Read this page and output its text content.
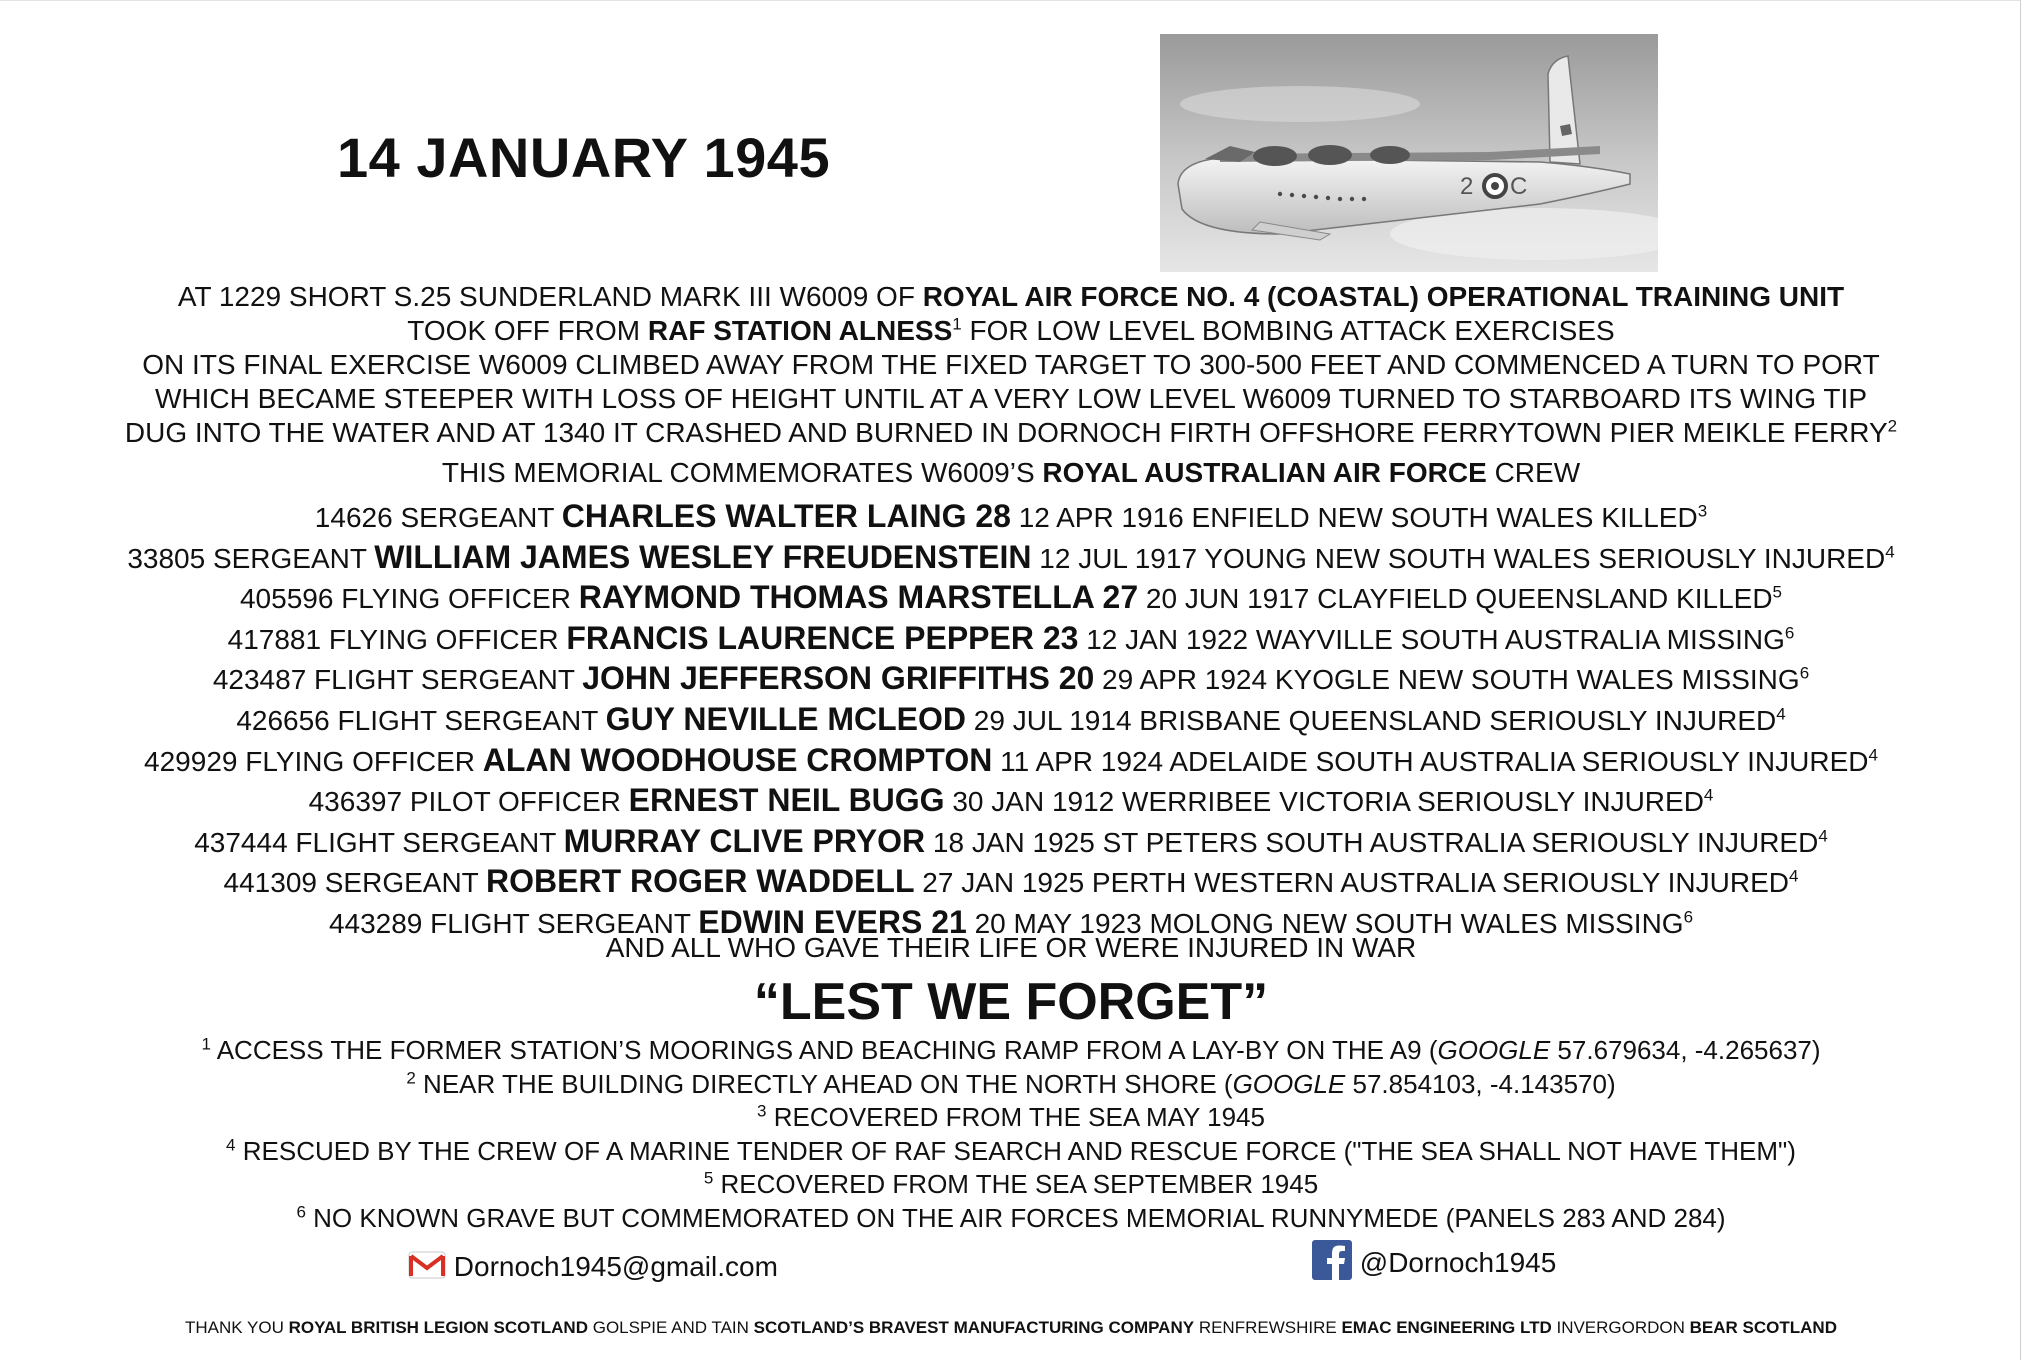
14 JANUARY 1945	2 C
AT 1229 SHORT S.25 SUNDERLAND MARK III W6009 OF ROYAL AIR FORCE NO. 4 (COASTAL) OPERATIONAL TRAINING UNIT
TOOK OFF FROM RAF STATION ALNESS$^1$ FOR LOW LEVEL BOMBING ATTACK EXERCISES
ON ITS FINAL EXERCISE W6009 CLIMBED AWAY FROM THE FIXED TARGET TO 300-500 FEET AND COMMENCED A TURN TO PORT
WHICH BECAME STEEPER WITH LOSS OF HEIGHT UNTIL AT A VERY LOW LEVEL W6009 TURNED TO STARBOARD ITS WING TIP
DUG INTO THE WATER AND AT 1340 IT CRASHED AND BURNED IN DORNOCH FIRTH OFFSHORE FERRYTOWN PIER MEIKLE FERRY$^2$
THIS MEMORIAL COMMEMORATES W6009’S ROYAL AUSTRALIAN AIR FORCE CREW
14626 SERGEANT CHARLES WALTER LAING 28 12 APR 1916 ENFIELD NEW SOUTH WALES KILLED$^3$
33805 SERGEANT WILLIAM JAMES WESLEY FREUDENSTEIN 12 JUL 1917 YOUNG NEW SOUTH WALES SERIOUSLY INJURED$^4$
405596 FLYING OFFICER RAYMOND THOMAS MARSTELLA 27 20 JUN 1917 CLAYFIELD QUEENSLAND KILLED$^5$
417881 FLYING OFFICER FRANCIS LAURENCE PEPPER 23 12 JAN 1922 WAYVILLE SOUTH AUSTRALIA MISSING$^6$
423487 FLIGHT SERGEANT JOHN JEFFERSON GRIFFITHS 20 29 APR 1924 KYOGLE NEW SOUTH WALES MISSING$^6$
426656 FLIGHT SERGEANT GUY NEVILLE MCLEOD 29 JUL 1914 BRISBANE QUEENSLAND SERIOUSLY INJURED$^4$
429929 FLYING OFFICER ALAN WOODHOUSE CROMPTON 11 APR 1924 ADELAIDE SOUTH AUSTRALIA SERIOUSLY INJURED$^4$
436397 PILOT OFFICER ERNEST NEIL BUGG 30 JAN 1912 WERRIBEE VICTORIA SERIOUSLY INJURED$^4$
437444 FLIGHT SERGEANT MURRAY CLIVE PRYOR 18 JAN 1925 ST PETERS SOUTH AUSTRALIA SERIOUSLY INJURED$^4$
441309 SERGEANT ROBERT ROGER WADDELL 27 JAN 1925 PERTH WESTERN AUSTRALIA SERIOUSLY INJURED$^4$
443289 FLIGHT SERGEANT EDWIN EVERS 21 20 MAY 1923 MOLONG NEW SOUTH WALES MISSING$^6$
AND ALL WHO GAVE THEIR LIFE OR WERE INJURED IN WAR
“LEST WE FORGET”
$^1$ ACCESS THE FORMER STATION’S MOORINGS AND BEACHING RAMP FROM A LAY-BY ON THE A9 (GOOGLE 57.679634, -4.265637)
$^2$ NEAR THE BUILDING DIRECTLY AHEAD ON THE NORTH SHORE (GOOGLE 57.854103, -4.143570)
$^3$ RECOVERED FROM THE SEA MAY 1945
$^4$ RESCUED BY THE CREW OF A MARINE TENDER OF RAF SEARCH AND RESCUE FORCE ("THE SEA SHALL NOT HAVE THEM")
$^5$ RECOVERED FROM THE SEA SEPTEMBER 1945
$^6$ NO KNOWN GRAVE BUT COMMEMORATED ON THE AIR FORCES MEMORIAL RUNNYMEDE (PANELS 283 AND 284)
Dornoch1945@gmail.com	@Dornoch1945
THANK YOU ROYAL BRITISH LEGION SCOTLAND GOLSPIE AND TAIN SCOTLAND’S BRAVEST MANUFACTURING COMPANY RENFREWSHIRE EMAC ENGINEERING LTD INVERGORDON BEAR SCOTLAND
